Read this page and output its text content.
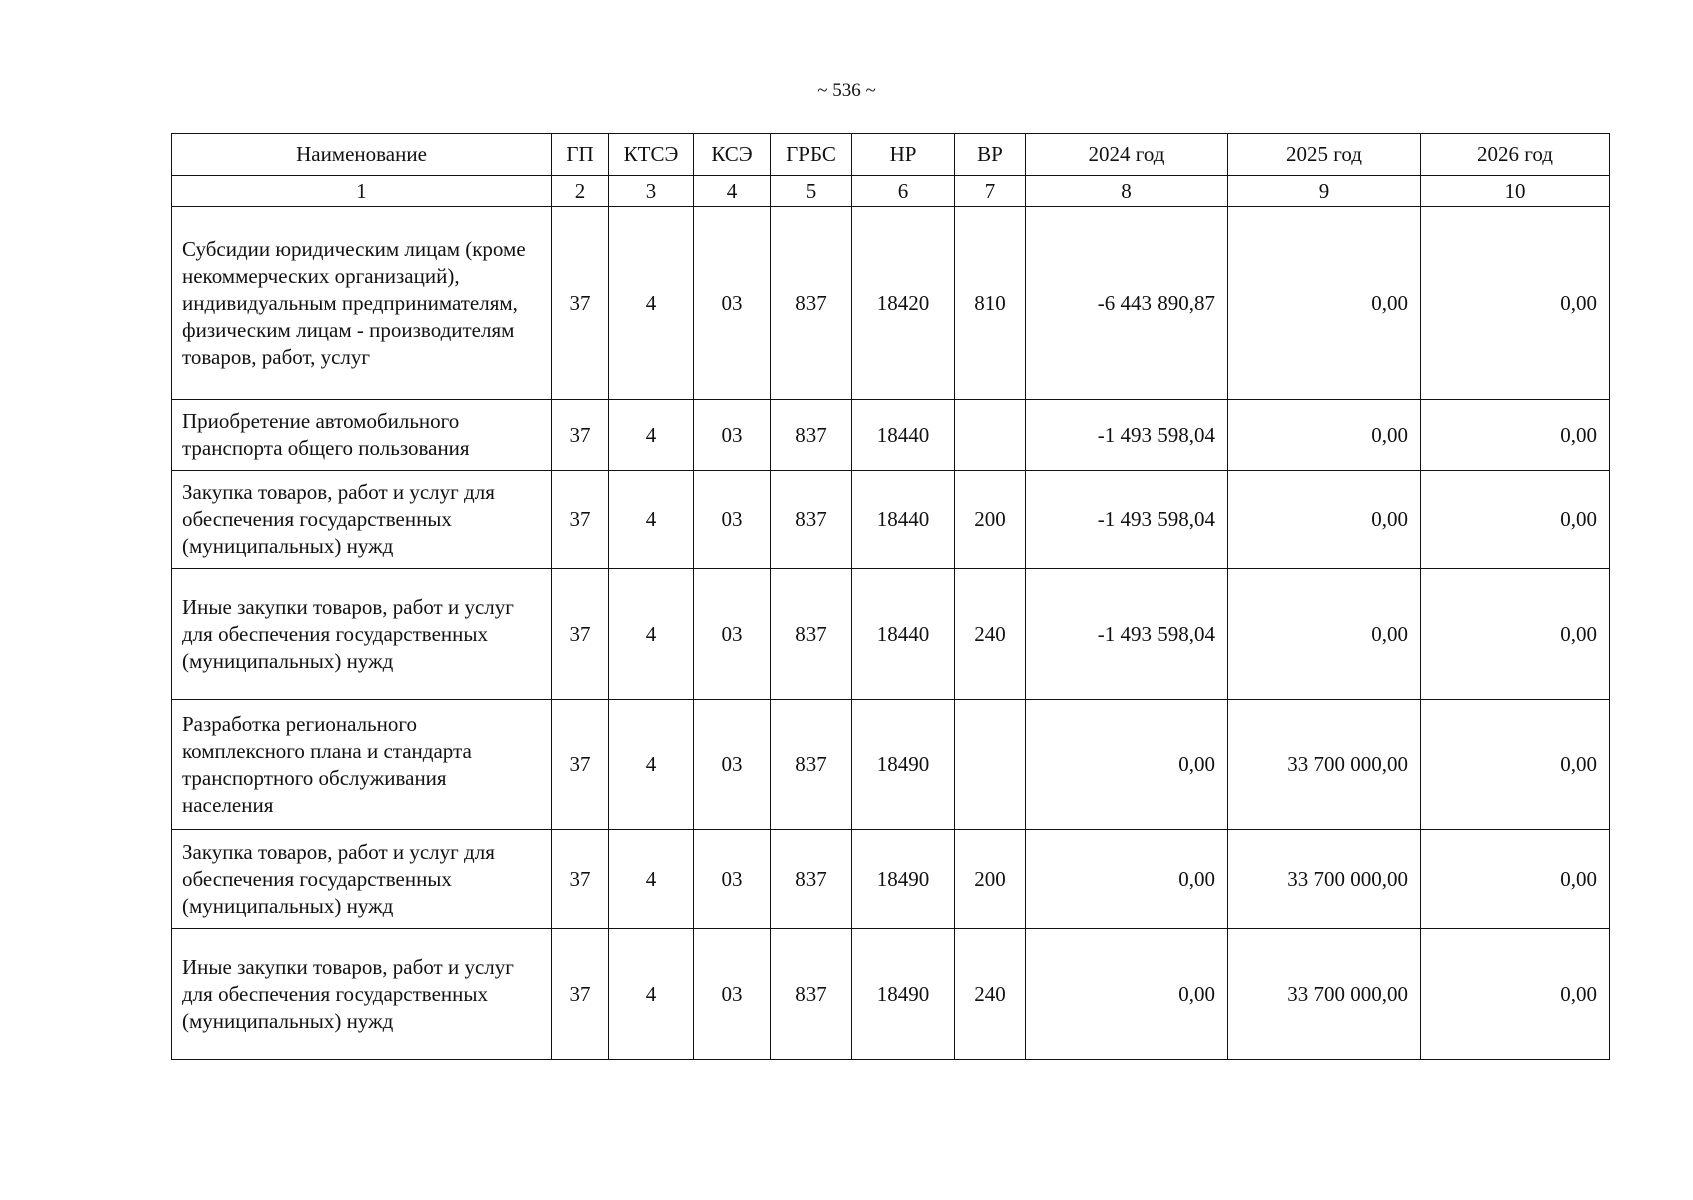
~ 536 ~
Наименование	ГП	КТСЭ	КСЭ	ГРБС	НР	ВР	2024 год	2025 год	2026 год
1	2	3	4	5	6	7	8	9	10
Субсидии юридическим лицам (кроме некоммерческих организаций), индивидуальным предпринимателям, физическим лицам - производителям товаров, работ, услуг	37	4	03	837	18420	810	-6 443 890,87	0,00	0,00
Приобретение автомобильного транспорта общего пользования	37	4	03	837	18440		-1 493 598,04	0,00	0,00
Закупка товаров, работ и услуг для обеспечения государственных (муниципальных) нужд	37	4	03	837	18440	200	-1 493 598,04	0,00	0,00
Иные закупки товаров, работ и услуг для обеспечения государственных (муниципальных) нужд	37	4	03	837	18440	240	-1 493 598,04	0,00	0,00
Разработка регионального комплексного плана и стандарта транспортного обслуживания населения	37	4	03	837	18490		0,00	33 700 000,00	0,00
Закупка товаров, работ и услуг для обеспечения государственных (муниципальных) нужд	37	4	03	837	18490	200	0,00	33 700 000,00	0,00
Иные закупки товаров, работ и услуг для обеспечения государственных (муниципальных) нужд	37	4	03	837	18490	240	0,00	33 700 000,00	0,00
